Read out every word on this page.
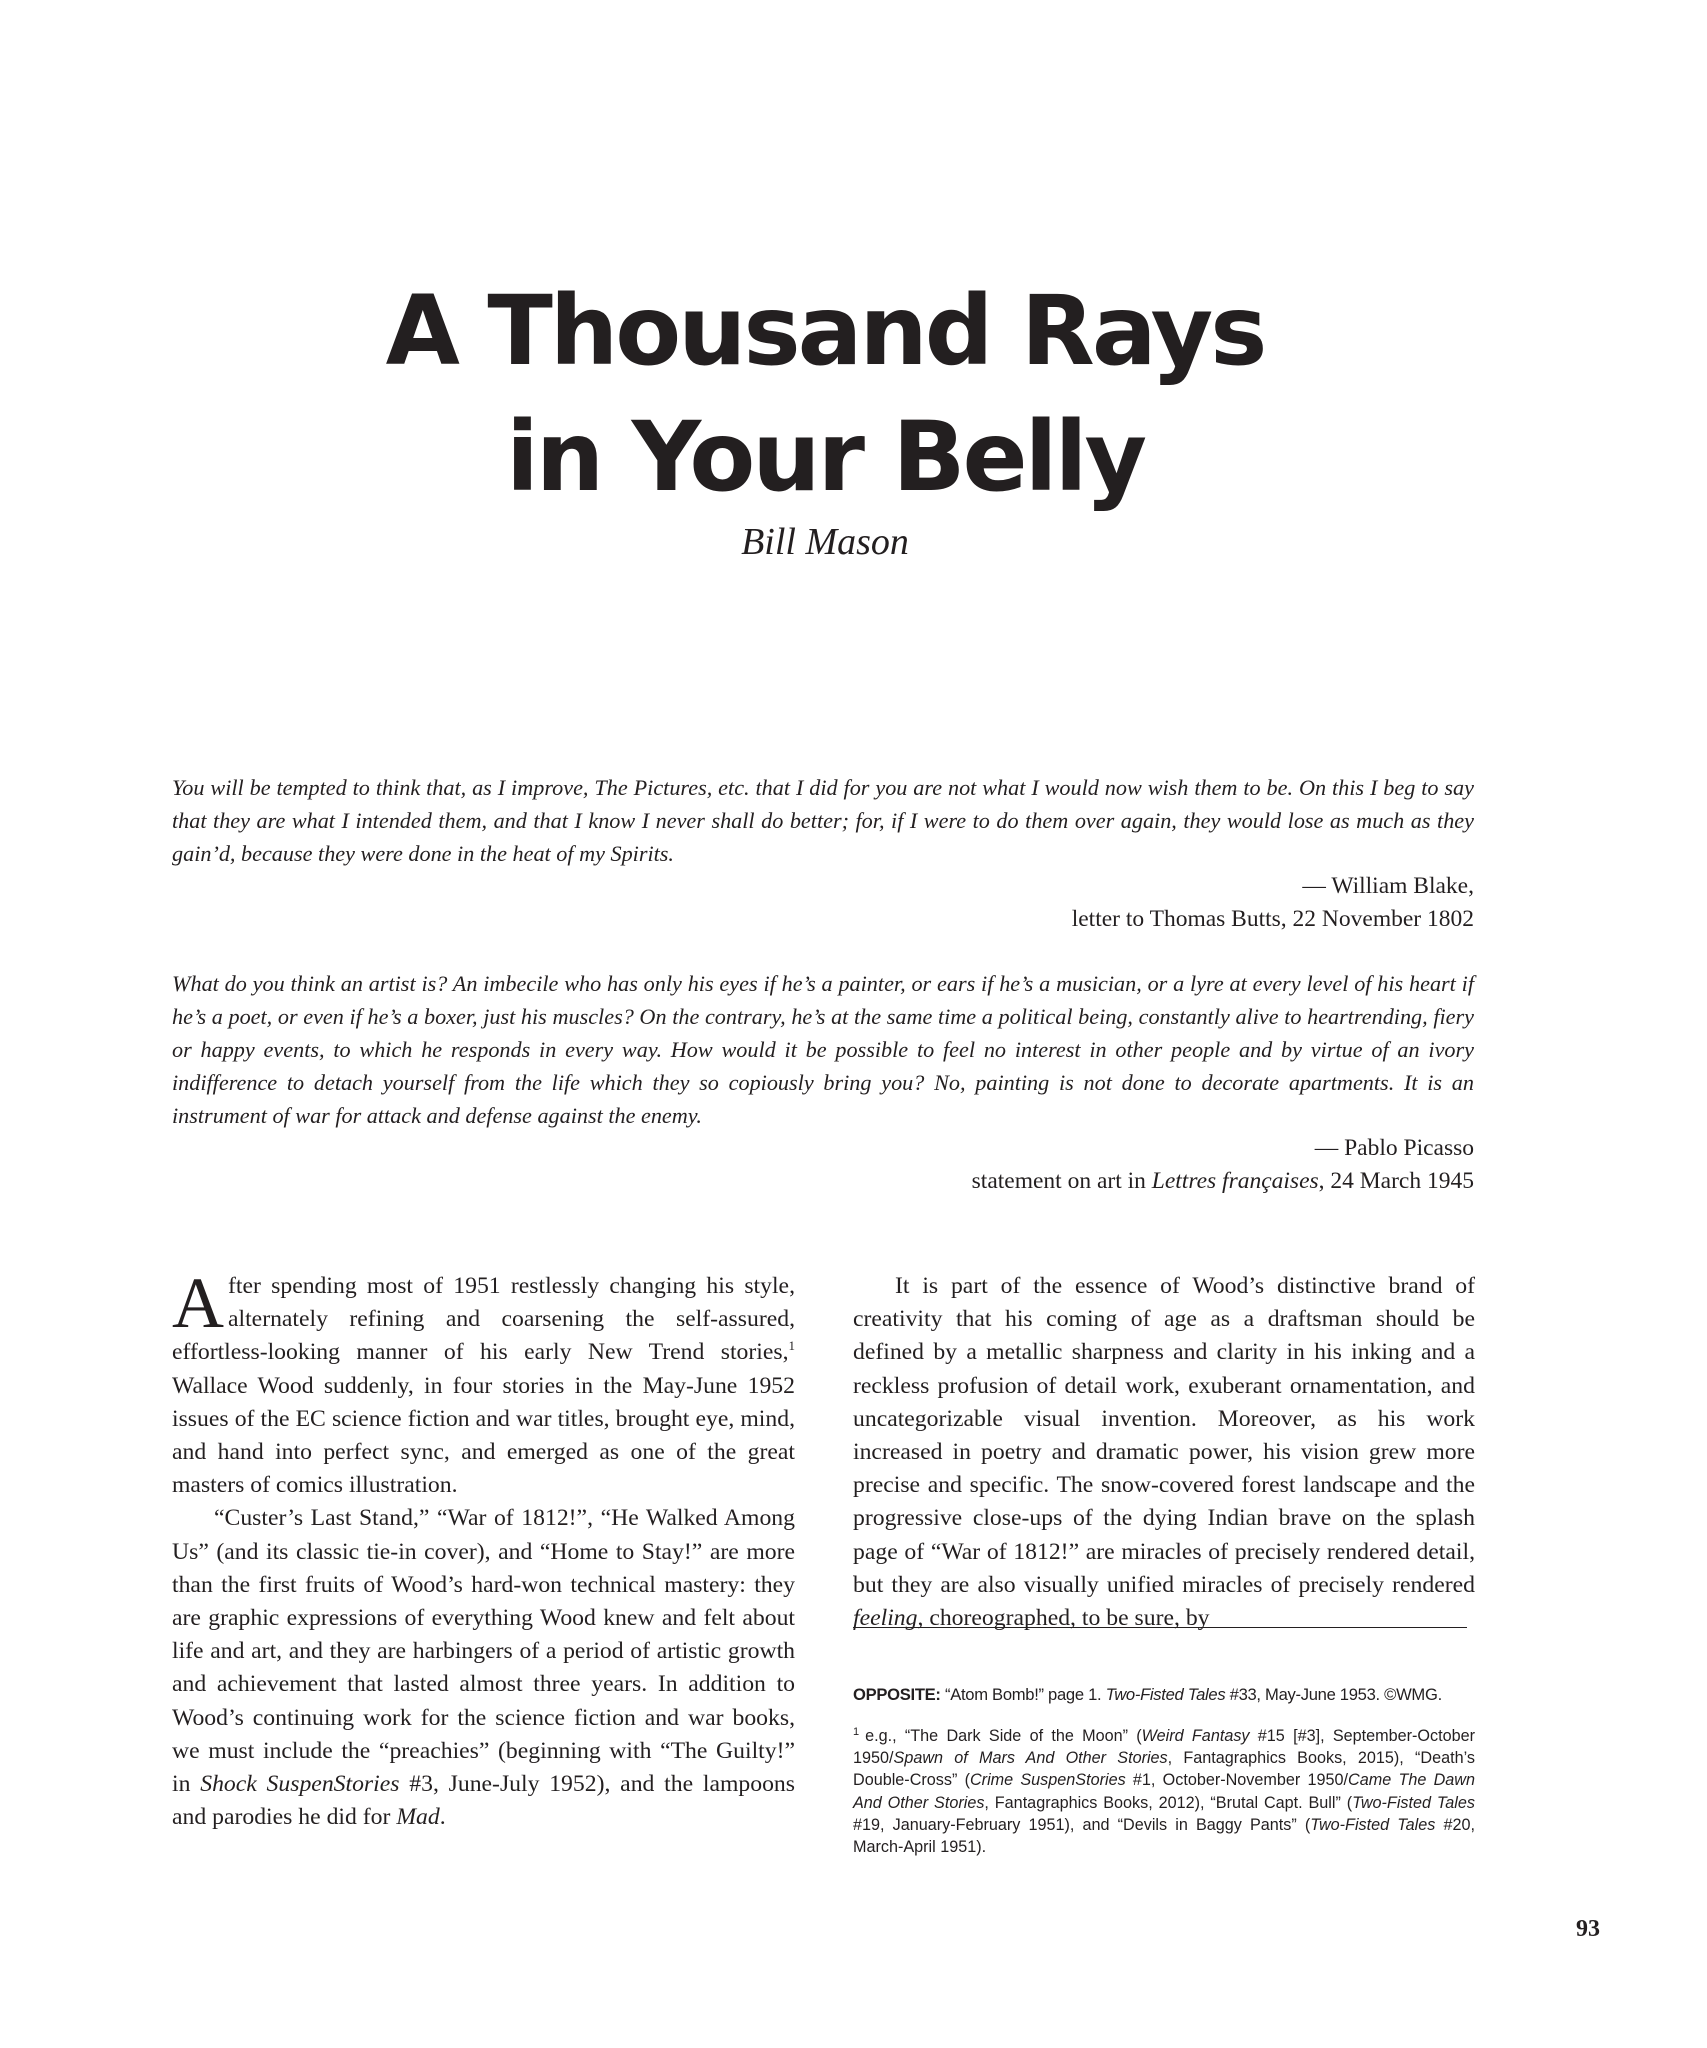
A Thousand Rays
in Your Belly
Bill Mason

You will be tempted to think that, as I improve, The Pictures, etc. that I did for you are not what I would now wish them to be. On this I beg to say that they are what I intended them, and that I know I never shall do better; for, if I were to do them over again, they would lose as much as they gain’d, because they were done in the heat of my Spirits.

— William Blake,

letter to Thomas Butts, 22 November 1802

What do you think an artist is? An imbecile who has only his eyes if he’s a painter, or ears if he’s a musician, or a lyre at every level of his heart if he’s a poet, or even if he’s a boxer, just his muscles? On the contrary, he’s at the same time a political being, constantly alive to heartrending, fiery or happy events, to which he responds in every way. How would it be possible to feel no interest in other people and by virtue of an ivory indifference to detach yourself from the life which they so copiously bring you? No, painting is not done to decorate apartments. It is an instrument of war for attack and defense against the enemy.

— Pablo Picasso

statement on art in Lettres françaises, 24 March 1945

After spending most of 1951 restlessly changing his style, alternately refining and coarsening the self-assured, effortless-looking manner of his early New Trend stories,$^1$ Wallace Wood suddenly, in four stories in the May-June 1952 issues of the EC science fiction and war titles, brought eye, mind, and hand into perfect sync, and emerged as one of the great masters of comics illustration.

“Custer’s Last Stand,” “War of 1812!”, “He Walked Among Us” (and its classic tie-in cover), and “Home to Stay!” are more than the first fruits of Wood’s hard-won technical mastery: they are graphic expressions of everything Wood knew and felt about life and art, and they are harbingers of a period of artistic growth and achievement that lasted almost three years. In addition to Wood’s continuing work for the science fiction and war books, we must include the “preachies” (beginning with “The Guilty!” in Shock SuspenStories #3, June-July 1952), and the lampoons and parodies he did for Mad.

It is part of the essence of Wood’s distinctive brand of creativity that his coming of age as a draftsman should be defined by a metallic sharpness and clarity in his inking and a reckless profusion of detail work, exuberant ornamentation, and uncategorizable visual invention. Moreover, as his work increased in poetry and dramatic power, his vision grew more precise and specific. The snow-covered forest landscape and the progressive close-ups of the dying Indian brave on the splash page of “War of 1812!” are miracles of precisely rendered detail, but they are also visually unified miracles of precisely rendered feeling, choreographed, to be sure, by

OPPOSITE: “Atom Bomb!” page 1. Two-Fisted Tales #33, May-June 1953. ©WMG.

$^1$ e.g., “The Dark Side of the Moon” (Weird Fantasy #15 [#3], September-October 1950/Spawn of Mars And Other Stories, Fantagraphics Books, 2015), “Death’s Double-Cross” (Crime SuspenStories #1, October-November 1950/Came The Dawn And Other Stories, Fantagraphics Books, 2012), “Brutal Capt. Bull” (Two-Fisted Tales #19, January-February 1951), and “Devils in Baggy Pants” (Two-Fisted Tales #20, March-April 1951).

93
